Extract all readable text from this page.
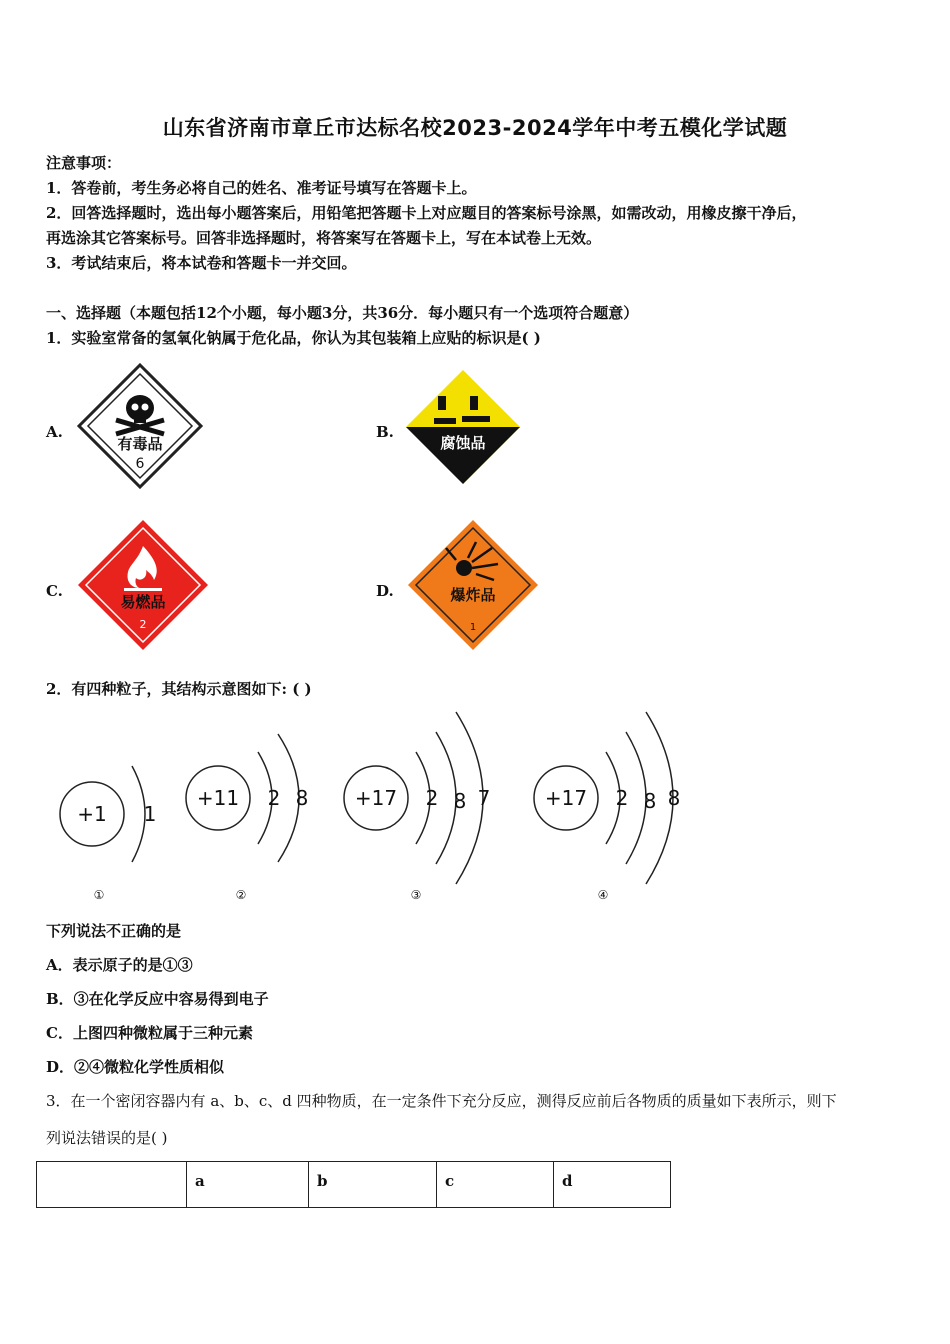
山东省济南市章丘市达标名校2023-2024学年中考五模化学试题
注意事项：
1．答卷前，考生务必将自己的姓名、准考证号填写在答题卡上。
2．回答选择题时，选出每小题答案后，用铅笔把答题卡上对应题目的答案标号涂黑，如需改动，用橡皮擦干净后，
再选涂其它答案标号。回答非选择题时，将答案写在答题卡上，写在本试卷上无效。
3．考试结束后，将本试卷和答题卡一并交回。
一、选择题（本题包括12个小题，每小题3分，共36分．每小题只有一个选项符合题意）
1．实验室常备的氢氧化钠属于危化品，你认为其包装箱上应贴的标识是( )
A.
有毒品
6
B.
腐蚀品
C.
易燃品
2
D.	爆炸品
1
2．有四种粒子，其结构示意图如下: ( )
+1 1
+11 2 8 +17 2 8 7	+17 2 8 8
①	②	③	④
下列说法不正确的是
A．表示原子的是①③
B．③在化学反应中容易得到电子
C．上图四种微粒属于三种元素
D．②④微粒化学性质相似
3．在一个密闭容器内有 a、b、c、d 四种物质，在一定条件下充分反应，测得反应前后各物质的质量如下表所示，则下
列说法错误的是( )
	a	b	c	d
